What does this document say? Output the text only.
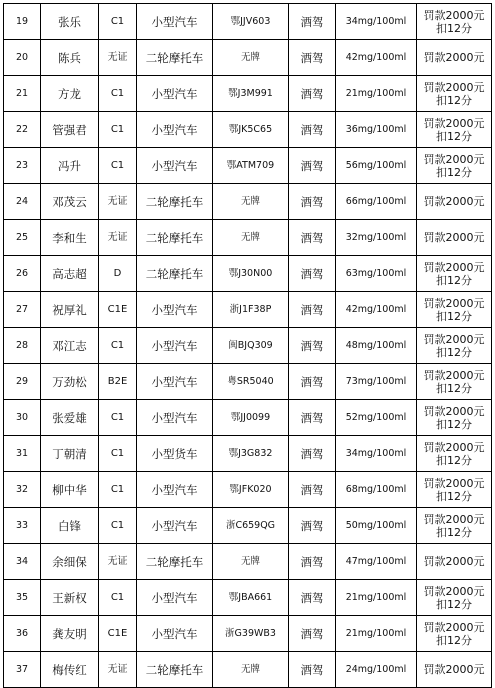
19	张乐	C1	小型汽车	鄂JJV603	酒驾	34mg/100ml	罚款2000元
扣12分

20	陈兵	无证	二轮摩托车	无牌	酒驾	42mg/100ml	罚款2000元

21	方龙	C1	小型汽车	鄂J3M991	酒驾	21mg/100ml	罚款2000元
扣12分

22	管强君	C1	小型汽车	鄂JK5C65	酒驾	36mg/100ml	罚款2000元
扣12分

23	冯升	C1	小型汽车	鄂ATM709	酒驾	56mg/100ml	罚款2000元
扣12分

24	邓茂云	无证	二轮摩托车	无牌	酒驾	66mg/100ml	罚款2000元

25	李和生	无证	二轮摩托车	无牌	酒驾	32mg/100ml	罚款2000元

26	高志超	D	二轮摩托车	鄂J30N00	酒驾	63mg/100ml	罚款2000元
扣12分

27	祝厚礼	C1E	小型汽车	浙J1F38P	酒驾	42mg/100ml	罚款2000元
扣12分

28	邓江志	C1	小型汽车	闽BJQ309	酒驾	48mg/100ml	罚款2000元
扣12分

29	万劲松	B2E	小型汽车	粤SR5040	酒驾	73mg/100ml	罚款2000元
扣12分

30	张爱雄	C1	小型汽车	鄂JJ0099	酒驾	52mg/100ml	罚款2000元
扣12分

31	丁朝清	C1	小型货车	鄂J3G832	酒驾	34mg/100ml	罚款2000元
扣12分

32	柳中华	C1	小型汽车	鄂JFK020	酒驾	68mg/100ml	罚款2000元
扣12分

33	白锋	C1	小型汽车	浙C659QG	酒驾	50mg/100ml	罚款2000元
扣12分

34	余细保	无证	二轮摩托车	无牌	酒驾	47mg/100ml	罚款2000元

35	王新权	C1	小型汽车	鄂JBA661	酒驾	21mg/100ml	罚款2000元
扣12分

36	龚友明	C1E	小型汽车	浙G39WB3	酒驾	21mg/100ml	罚款2000元
扣12分

37	梅传红	无证	二轮摩托车	无牌	酒驾	24mg/100ml	罚款2000元
